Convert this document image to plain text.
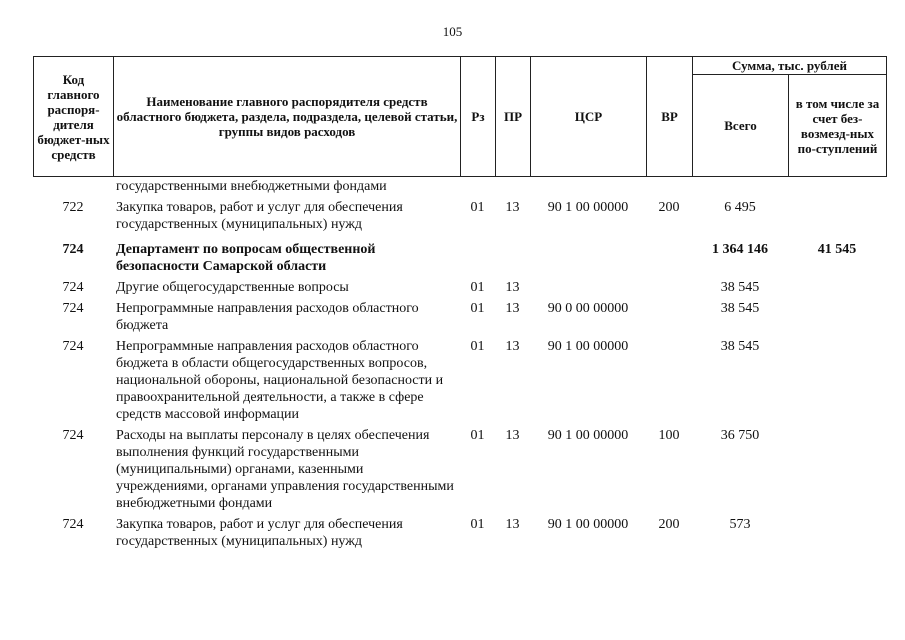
105
Код главного распоря-дителя бюджет-ных средств	Наименование главного распорядителя средств областного бюджета, раздела, подраздела, целевой статьи, группы видов расходов	Рз	ПР	ЦСР	ВР	Сумма, тыс. рублей	
						Всего	в том числе за счет без-возмезд-ных по-ступлений
	государственными внебюджетными фондами						
722	Закупка товаров, работ и услуг для обеспечения государственных (муниципальных) нужд	01	13	90 1 00 00000	200	6 495	
724	Департамент по вопросам общественной безопасности Самарской области					1 364 146	41 545
724	Другие общегосударственные вопросы	01	13			38 545	
724	Непрограммные направления расходов областного бюджета	01	13	90 0 00 00000		38 545	
724	Непрограммные направления расходов областного бюджета в области общегосударственных вопросов, национальной обороны, национальной безопасности и правоохранительной деятельности, а также в сфере средств массовой информации	01	13	90 1 00 00000		38 545	
724	Расходы на выплаты персоналу в целях обеспечения выполнения функций государственными (муниципальными) органами, казенными учреждениями, органами управления государственными внебюджетными фондами	01	13	90 1 00 00000	100	36 750	
724	Закупка товаров, работ и услуг для обеспечения государственных (муниципальных) нужд	01	13	90 1 00 00000	200	573	
